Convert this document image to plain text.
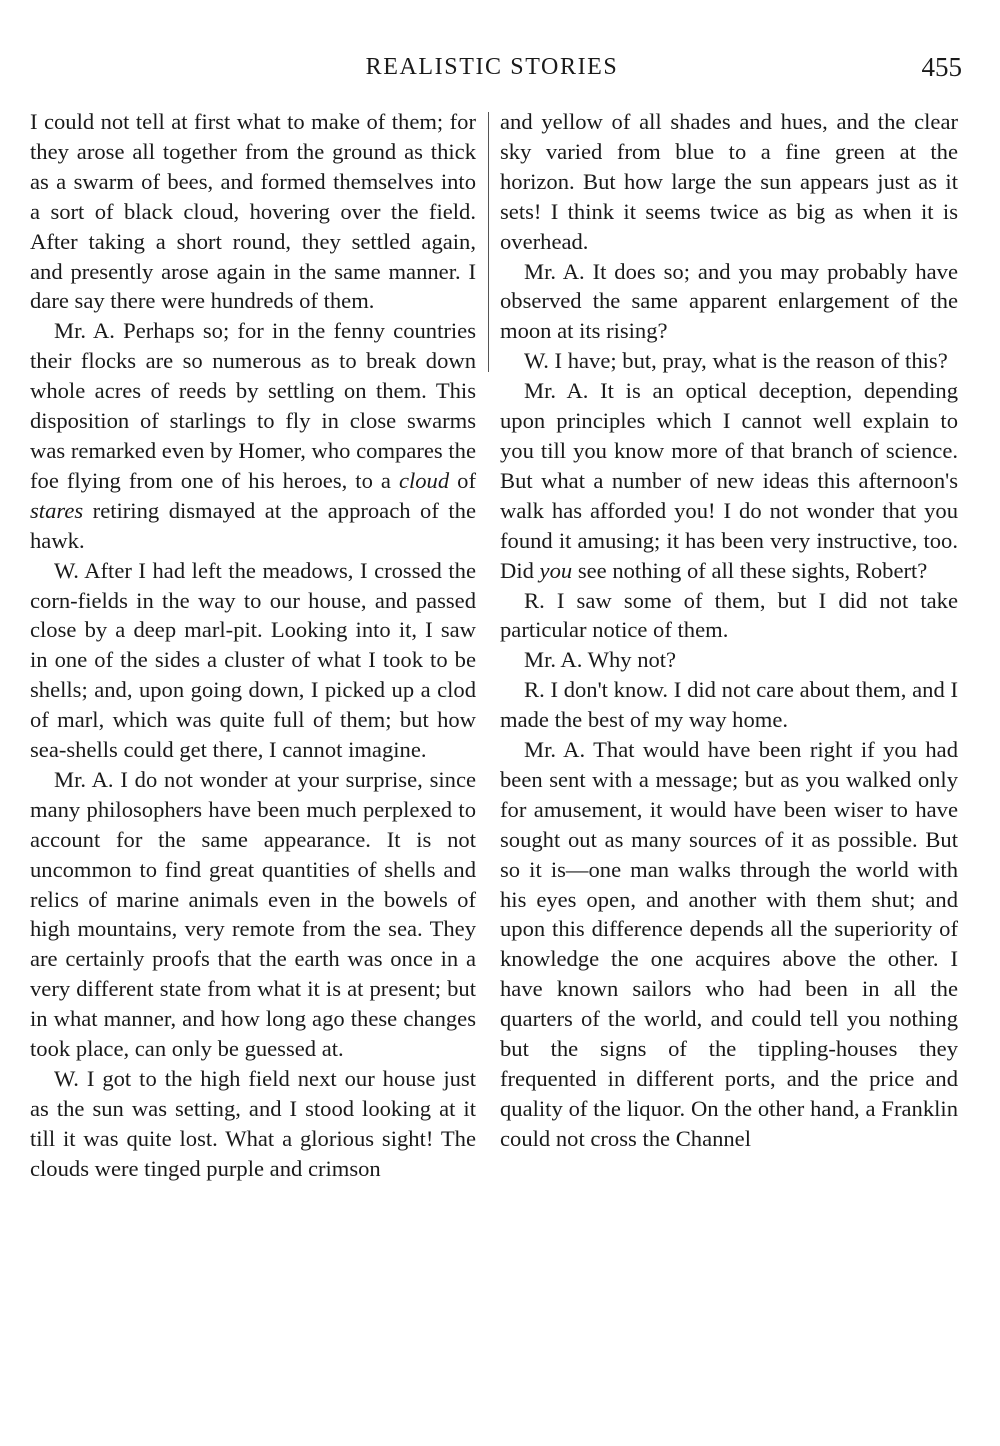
REALISTIC STORIES	455

I could not tell at first what to make of them; for they arose all together from the ground as thick as a swarm of bees, and formed themselves into a sort of black cloud, hovering over the field. After taking a short round, they settled again, and presently arose again in the same manner. I dare say there were hundreds of them.

Mr. A. Perhaps so; for in the fenny countries their flocks are so numerous as to break down whole acres of reeds by settling on them. This disposition of starlings to fly in close swarms was remarked even by Homer, who compares the foe flying from one of his heroes, to a cloud of stares retiring dismayed at the approach of the hawk.

W. After I had left the meadows, I crossed the corn-fields in the way to our house, and passed close by a deep marl-pit. Looking into it, I saw in one of the sides a cluster of what I took to be shells; and, upon going down, I picked up a clod of marl, which was quite full of them; but how sea-shells could get there, I cannot imagine.

Mr. A. I do not wonder at your surprise, since many philosophers have been much perplexed to account for the same appearance. It is not uncommon to find great quantities of shells and relics of marine animals even in the bowels of high mountains, very remote from the sea. They are certainly proofs that the earth was once in a very different state from what it is at present; but in what manner, and how long ago these changes took place, can only be guessed at.

W. I got to the high field next our house just as the sun was setting, and I stood looking at it till it was quite lost. What a glorious sight! The clouds were tinged purple and crimson

and yellow of all shades and hues, and the clear sky varied from blue to a fine green at the horizon. But how large the sun appears just as it sets! I think it seems twice as big as when it is overhead.

Mr. A. It does so; and you may probably have observed the same apparent enlargement of the moon at its rising?

W. I have; but, pray, what is the reason of this?

Mr. A. It is an optical deception, depending upon principles which I cannot well explain to you till you know more of that branch of science. But what a number of new ideas this afternoon's walk has afforded you! I do not wonder that you found it amusing; it has been very instructive, too. Did you see nothing of all these sights, Robert?

R. I saw some of them, but I did not take particular notice of them.

Mr. A. Why not?

R. I don't know. I did not care about them, and I made the best of my way home.

Mr. A. That would have been right if you had been sent with a message; but as you walked only for amusement, it would have been wiser to have sought out as many sources of it as possible. But so it is—one man walks through the world with his eyes open, and another with them shut; and upon this difference depends all the superiority of knowledge the one acquires above the other. I have known sailors who had been in all the quarters of the world, and could tell you nothing but the signs of the tippling-houses they frequented in different ports, and the price and quality of the liquor. On the other hand, a Franklin could not cross the Channel
